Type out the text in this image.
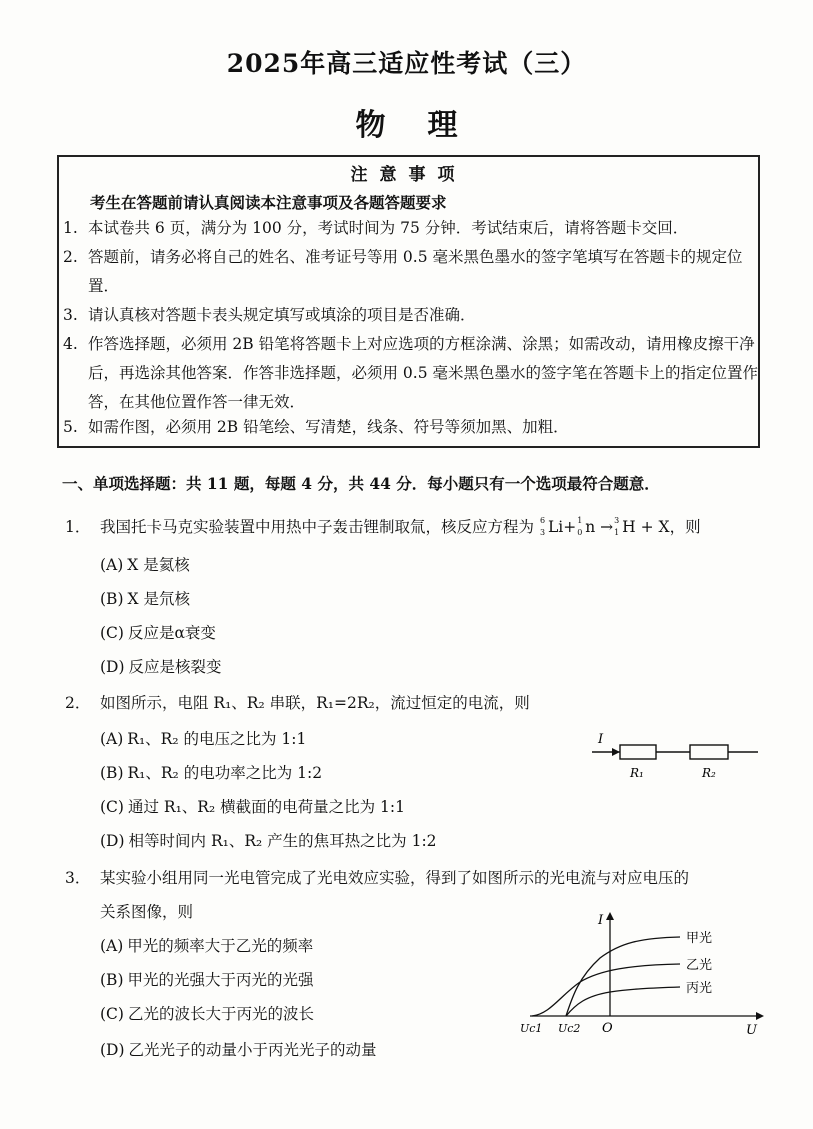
2025年高三适应性考试（三）
物理
注意事项
考生在答题前请认真阅读本注意事项及各题答题要求
1. 本试卷共 6 页，满分为 100 分，考试时间为 75 分钟．考试结束后，请将答题卡交回．
2. 答题前，请务必将自己的姓名、准考证号等用 0.5 毫米黑色墨水的签字笔填写在答题卡的规定位置．
3. 请认真核对答题卡表头规定填写或填涂的项目是否准确．
4. 作答选择题，必须用 2B 铅笔将答题卡上对应选项的方框涂满、涂黑；如需改动，请用橡皮擦干净后，再选涂其他答案．作答非选择题，必须用 0.5 毫米黑色墨水的签字笔在答题卡上的指定位置作答，在其他位置作答一律无效．
5. 如需作图，必须用 2B 铅笔绘、写清楚，线条、符号等须加黑、加粗．
一、单项选择题：共 11 题，每题 4 分，共 44 分．每小题只有一个选项最符合题意．
1． 我国托卡马克实验装置中用热中子轰击锂制取氚，核反应方程为 6
3 Li+ 1
0 n → 3
1 H + X，则
(A) X 是氦核
(B) X 是氘核
(C) 反应是α衰变
(D) 反应是核裂变
2． 如图所示，电阻 R₁、R₂ 串联，R₁=2R₂，流过恒定的电流，则
(A) R₁、R₂ 的电压之比为 1:1
(B) R₁、R₂ 的电功率之比为 1:2
(C) 通过 R₁、R₂ 横截面的电荷量之比为 1:1
(D) 相等时间内 R₁、R₂ 产生的焦耳热之比为 1:2
I
R₁	R₂
3． 某实验小组用同一光电管完成了光电效应实验，得到了如图所示的光电流与对应电压的
关系图像，则
(A) 甲光的频率大于乙光的频率
(B) 甲光的光强大于丙光的光强
(C) 乙光的波长大于丙光的波长
(D) 乙光光子的动量小于丙光光子的动量
I
U
O
Uc1 Uc2
甲光
乙光
丙光
